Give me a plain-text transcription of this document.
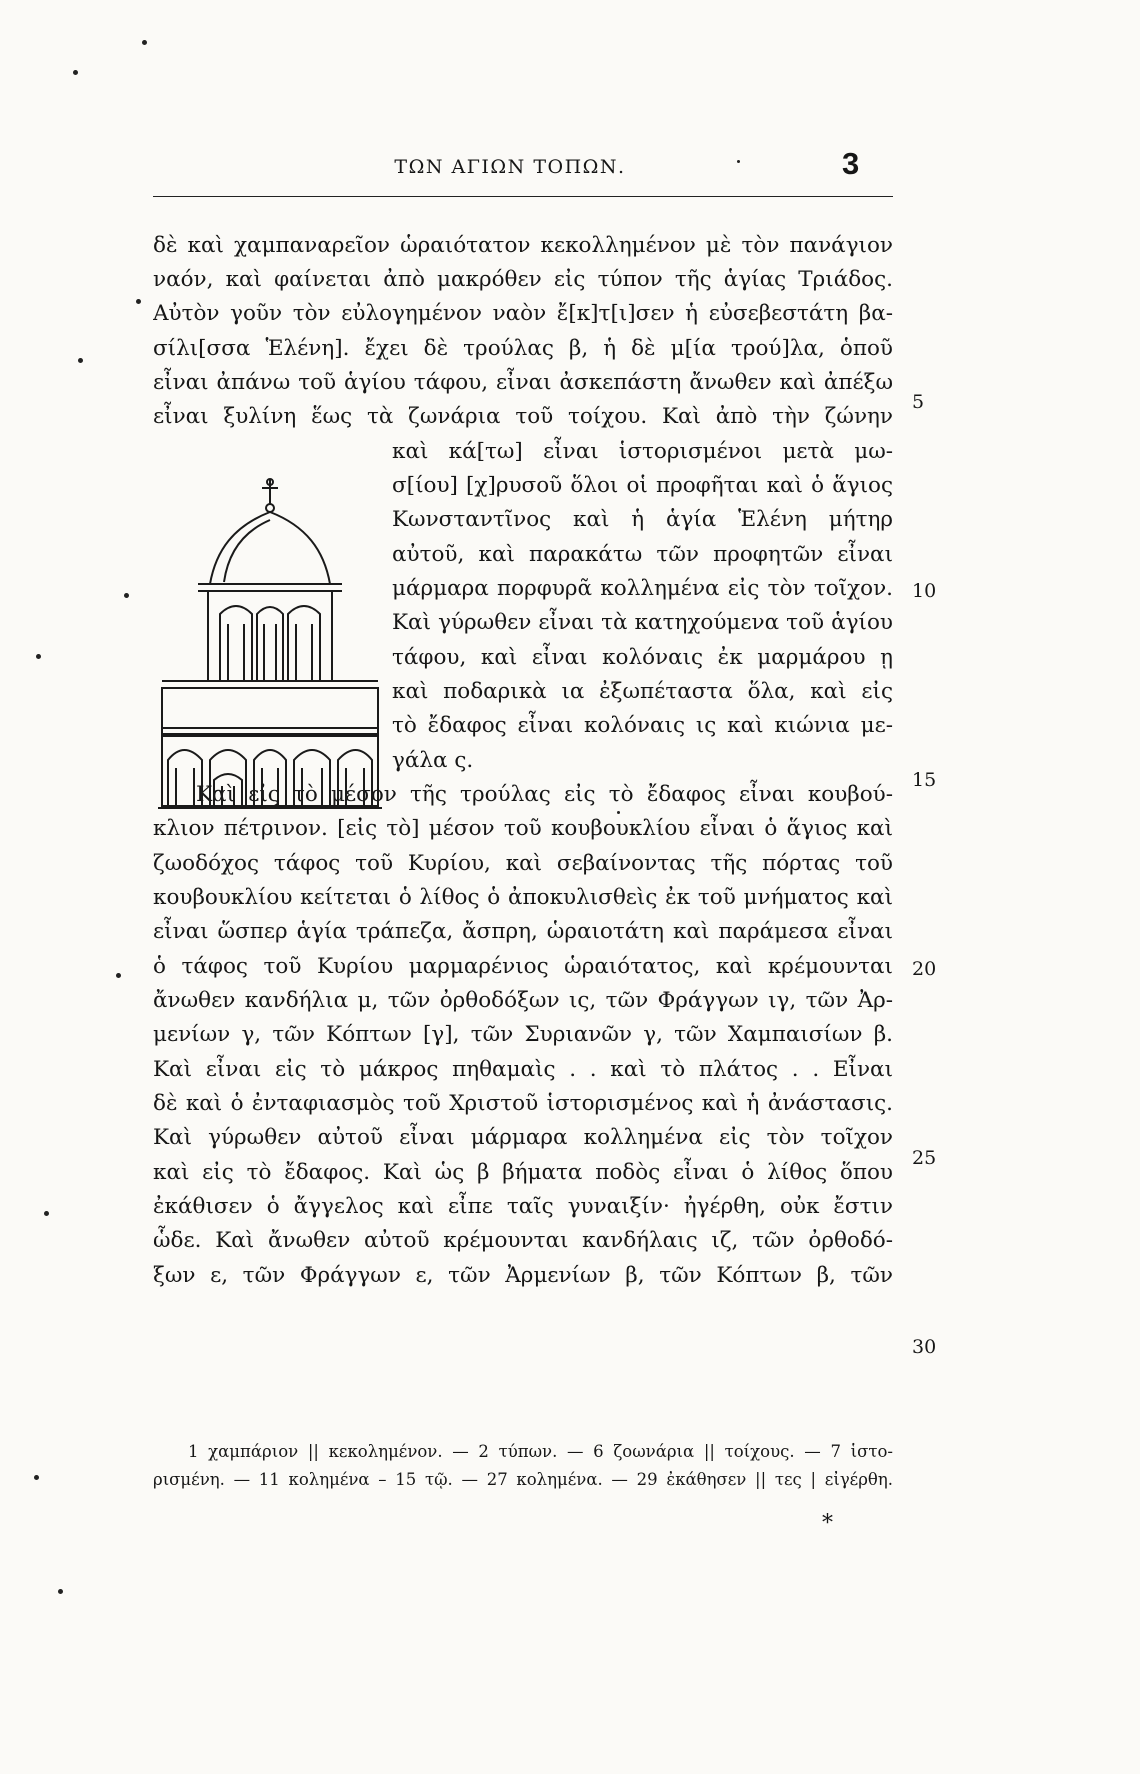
ΤΩΝ ΑΓΙΩΝ ΤΟΠΩΝ.	3
δὲ καὶ χαμπαναρεῖον ὡραιότατον κεκολλημένον μὲ τὸν πανάγιον
ναόν, καὶ φαίνεται ἀπὸ μακρόθεν εἰς τύπον τῆς ἁγίας Τριάδος.
Αὐτὸν γοῦν τὸν εὐλογημένον ναὸν ἔ[κ]τ[ι]σεν ἡ εὐσεβεστάτη βα-
σίλι[σσα Ἑλένη]. ἔχει δὲ τρούλας β, ἡ δὲ μ[ία τρού]λα, ὁποῦ
εἶναι ἀπάνω τοῦ ἁγίου τάφου, εἶναι ἀσκεπάστη ἄνωθεν καὶ ἀπέξω
εἶναι ξυλίνη ἕως τὰ ζωνάρια τοῦ τοίχου. Καὶ ἀπὸ τὴν ζώνην
καὶ κά[τω] εἶναι ἱστορισμένοι μετὰ μω-
σ[ίου] [χ]ρυσοῦ ὅλοι οἱ προφῆται καὶ ὁ ἅγιος
Κωνσταντῖνος καὶ ἡ ἁγία Ἑλένη μήτηρ
αὐτοῦ, καὶ παρακάτω τῶν προφητῶν εἶναι
μάρμαρα πορφυρᾶ κολλημένα εἰς τὸν τοῖχον.
Καὶ γύρωθεν εἶναι τὰ κατηχούμενα τοῦ ἁγίου
τάφου, καὶ εἶναι κολόναις ἐκ μαρμάρου ῃ
καὶ ποδαρικὰ ια ἐξωπέταστα ὅλα, καὶ εἰς
τὸ ἔδαφος εἶναι κολόναις ις καὶ κιώνια με-
γάλα ς.
Καὶ εἰς τὸ μέσον τῆς τρούλας εἰς τὸ ἔδαφος εἶναι κουβού-
κλιον πέτρινον. [εἰς τὸ] μέσον τοῦ κουβουκλίου εἶναι ὁ ἅγιος καὶ
ζωοδόχος τάφος τοῦ Κυρίου, καὶ σεβαίνοντας τῆς πόρτας τοῦ
κουβουκλίου κείτεται ὁ λίθος ὁ ἀποκυλισθεὶς ἐκ τοῦ μνήματος καὶ
εἶναι ὥσπερ ἁγία τράπεζα, ἄσπρη, ὡραιοτάτη καὶ παράμεσα εἶναι
ὁ τάφος τοῦ Κυρίου μαρμαρένιος ὡραιότατος, καὶ κρέμουνται
ἄνωθεν κανδήλια μ, τῶν ὀρθοδόξων ις, τῶν Φράγγων ιγ, τῶν Ἀρ-
μενίων γ, τῶν Κόπτων [γ], τῶν Συριανῶν γ, τῶν Χαμπαισίων β.
Καὶ εἶναι εἰς τὸ μάκρος πηθαμαὶς . . καὶ τὸ πλάτος . . Εἶναι
δὲ καὶ ὁ ἐνταφιασμὸς τοῦ Χριστοῦ ἱστορισμένος καὶ ἡ ἀνάστασις.
Καὶ γύρωθεν αὐτοῦ εἶναι μάρμαρα κολλημένα εἰς τὸν τοῖχον
καὶ εἰς τὸ ἔδαφος. Καὶ ὡς β βήματα ποδὸς εἶναι ὁ λίθος ὅπου
ἐκάθισεν ὁ ἄγγελος καὶ εἶπε ταῖς γυναιξίν· ἠγέρθη, οὐκ ἔστιν
ὧδε. Καὶ ἄνωθεν αὐτοῦ κρέμουνται κανδήλαις ιζ, τῶν ὀρθοδό-
ξων ε, τῶν Φράγγων ε, τῶν Ἀρμενίων β, τῶν Κόπτων β, τῶν
5
10
15
20
25
30
1 χαμπάριον || κεκολημένον. — 2 τύπων. — 6 ζοωνάρια || τοίχους. — 7 ἱστο-
ρισμένη. — 11 κολημένα – 15 τῷ. — 27 κολημένα. — 29 ἐκάθησεν || τες | εἰγέρθη.
*
